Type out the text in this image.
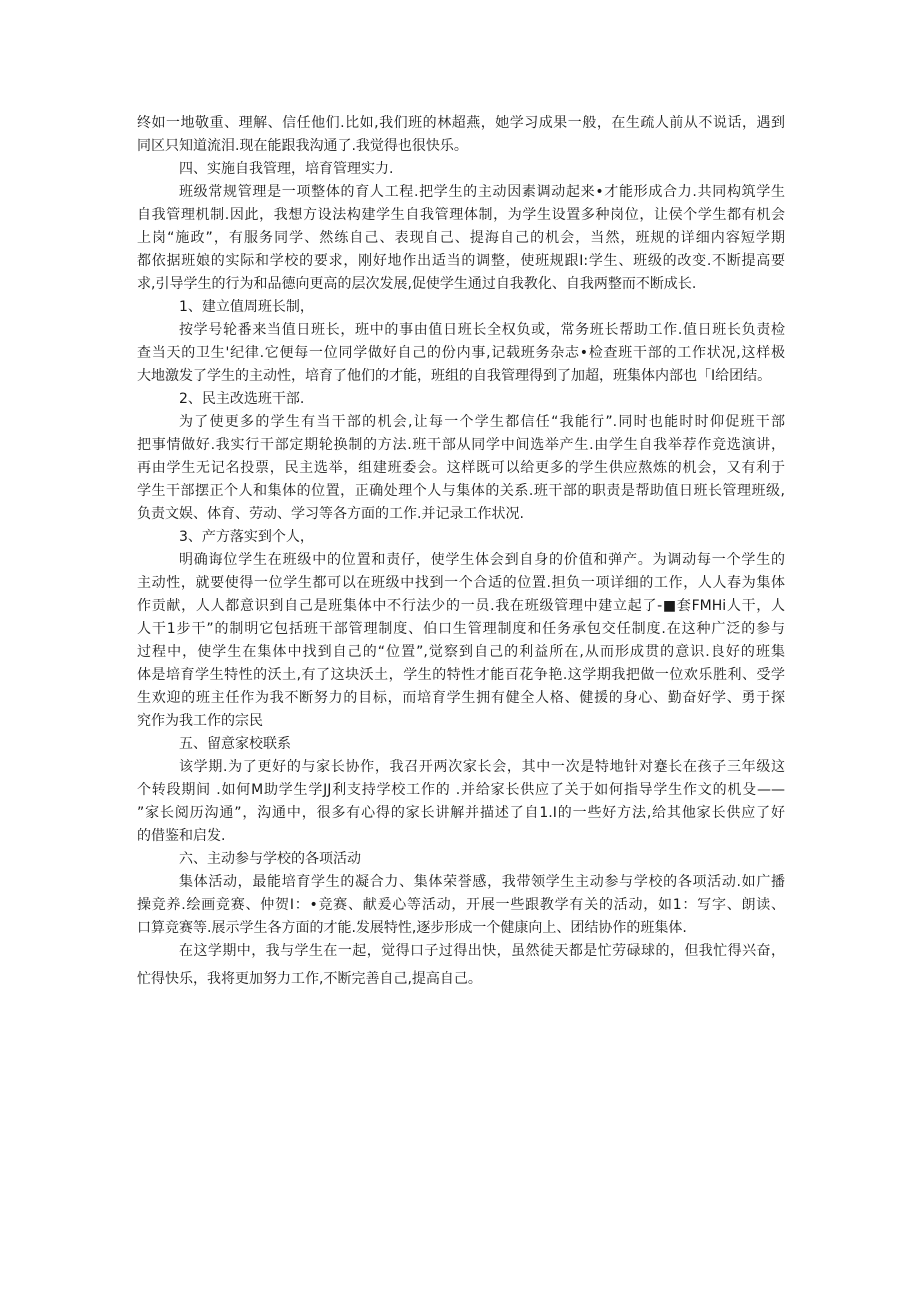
终如一地敬重、理解、信任他们.比如,我们班的林超燕，她学习成果一般，在生疏人前从不说话，遇到
同区只知道流泪.现在能跟我沟通了.我觉得也很快乐。
四、实施自我管理，培育管理实力.
班级常规管理是一项整体的育人工程.把学生的主动因素调动起来•才能形成合力.共同构筑学生
自我管理机制.因此，我想方设法构建学生自我管理体制，为学生设置多种岗位，让侯个学生都有机会
上岗“施政”，有服务同学、然练自己、表现自己、提海自己的机会，当然，班规的详细内容短学期
都依据班娘的实际和学校的要求，刚好地作出适当的调整，使班规跟I:学生、班级的改变.不断提高要
求,引导学生的行为和品德向更高的层次发展,促使学生通过自我教化、自我两整而不断成长.
1、建立值周班长制，
按学号轮番来当值日班长，班中的事由值日班长全权负或，常务班长帮助工作.值日班长负责检
查当天的卫生'纪律.它便每一位同学做好自己的份内事,记载班务杂志•检查班干部的工作状况,这样极
大地激发了学生的主动性，培育了他们的才能，班组的自我管理得到了加超，班集体内部也「I给团结。
2、民主改选班干部.
为了使更多的学生有当干部的机会,让每一个学生都信任“我能行”.同时也能时时仰促班干部
把事情做好.我实行干部定期轮换制的方法.班干部从同学中间选举产生.由学生自我举荐作竞选演讲，
再由学生无记名投票，民主选举，组建班委会。这样既可以给更多的学生供应熬炼的机会，又有利于
学生干部摆正个人和集体的位置，正确处理个人与集体的关系.班干部的职责是帮助值日班长管理班级,
负责文娱、体育、劳动、学习等各方面的工作.并记录工作状况.
3、产方落实到个人，
明确诲位学生在班级中的位置和责仔，使学生体会到自身的价值和弹产。为调动每一个学生的
主动性，就要使得一位学生都可以在班级中找到一个合适的位置.担负一项详细的工作，人人春为集体
作贡献，人人都意识到自己是班集体中不行法少的一员.我在班级管理中建立起了-■套FMHi人干，人
人干1步干”的制明它包括班干部管理制度、伯口生管理制度和任务承包交任制度.在这种广泛的参与
过程中，使学生在集体中找到自己的“位置”,觉察到自己的利益所在,从而形成贯的意识.良好的班集
体是培育学生特性的沃土,有了这块沃土，学生的特性才能百花争艳.这学期我把做一位欢乐胜利、受学
生欢迎的班主任作为我不断努力的目标，而培育学生拥有健全人格、健援的身心、勤奋好学、勇于探
究作为我工作的宗民
五、留意家校联系
该学期.为了更好的与家长协作，我召开两次家长会，其中一次是特地针对蹇长在孩子三年级这
个转段期间 .如何M助学生学JJ利支持学校工作的 .并给家长供应了关于如何指导学生作文的机殳——
”家长阅历沟通”，沟通中，很多有心得的家长讲解并描述了自1.I的一些好方法,给其他家长供应了好
的借鉴和启发.
六、主动参与学校的各项活动
集体活动，最能培育学生的凝合力、集体荣誉感，我带领学生主动参与学校的各项活动.如广播
操竞养.绘画竞赛、仲贺I：•竞赛、献爰心等活动，开展一些跟教学有关的活动，如1：写字、朗读、
口算竞赛等.展示学生各方面的才能.发展特性,逐步形成一个健康向上、团结协作的班集体.
在这学期中，我与学生在一起，觉得口子过得出快，虽然徒天都是忙劳碌球的，但我忙得兴奋，
忙得快乐，我将更加努力工作,不断完善自己,提高自己。
